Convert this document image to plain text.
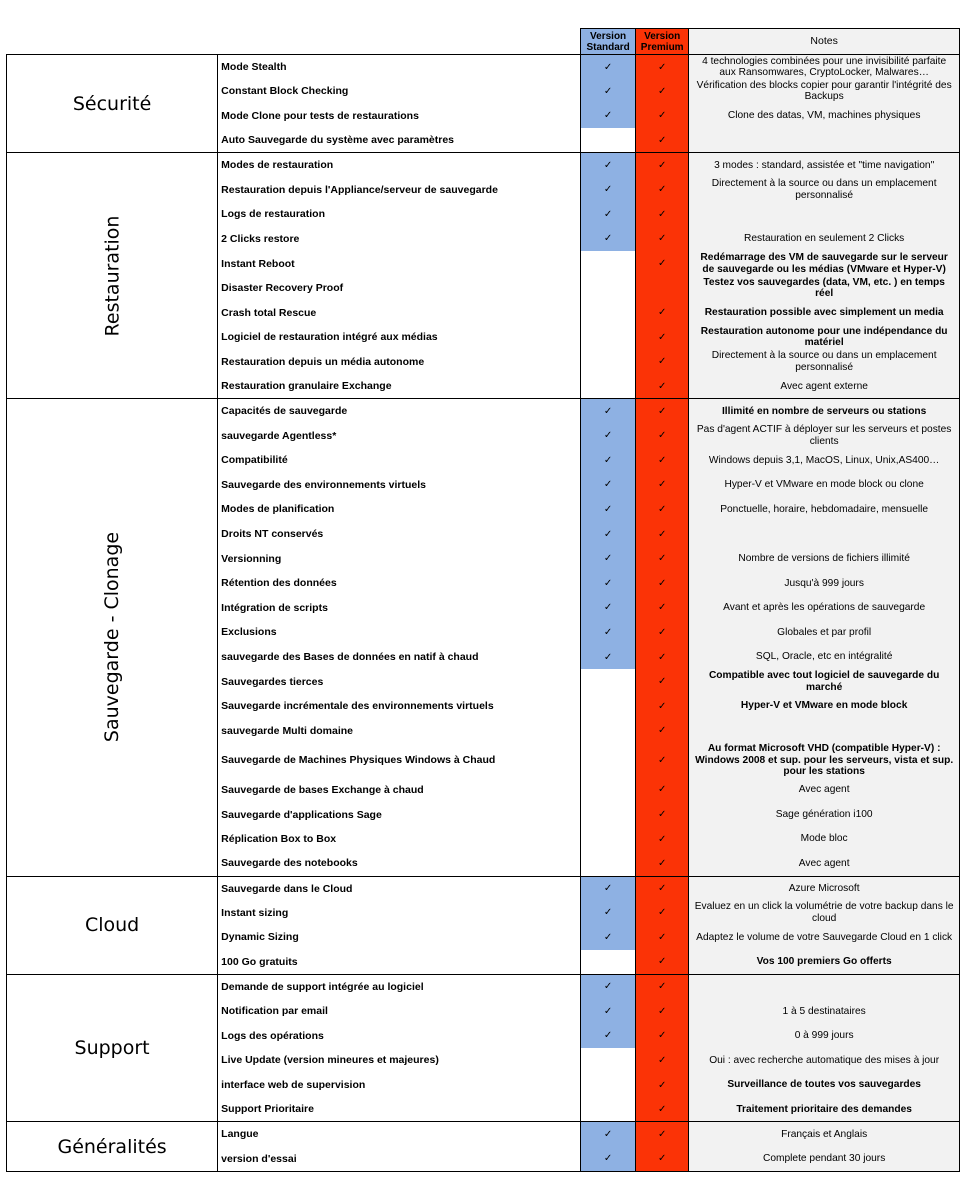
		Version Standard	Version Premium	Notes
Sécurité	Mode Stealth	✓	✓	4 technologies combinées pour une invisibilité parfaite aux Ransomwares, CryptoLocker, Malwares…
	Constant Block Checking	✓	✓	Vérification des blocks copier pour garantir l'intégrité des Backups
	Mode Clone pour tests de restaurations	✓	✓	Clone des datas, VM, machines physiques
	Auto Sauvegarde du système avec paramètres		✓	
Restauration	Modes de restauration	✓	✓	3 modes : standard, assistée et "time navigation"
	Restauration depuis l'Appliance/serveur de sauvegarde	✓	✓	Directement à la source ou dans un emplacement personnalisé
	Logs de restauration	✓	✓	
	2 Clicks restore	✓	✓	Restauration en seulement 2 Clicks
	Instant Reboot		✓	Redémarrage des VM de sauvegarde sur le serveur de sauvegarde ou les médias (VMware et Hyper-V)
	Disaster Recovery Proof			Testez vos sauvegardes (data, VM, etc. ) en temps réel
	Crash total Rescue		✓	Restauration possible avec simplement un media
	Logiciel de restauration intégré aux médias		✓	Restauration autonome pour une indépendance du matériel
	Restauration depuis un média autonome		✓	Directement à la source ou dans un emplacement personnalisé
	Restauration granulaire Exchange		✓	Avec agent externe
Sauvegarde - Clonage	Capacités de sauvegarde	✓	✓	Illimité en nombre de serveurs ou stations
	sauvegarde Agentless*	✓	✓	Pas d'agent ACTIF à déployer sur les serveurs et postes clients
	Compatibilité	✓	✓	Windows depuis 3,1, MacOS, Linux, Unix,AS400…
	Sauvegarde des environnements virtuels	✓	✓	Hyper-V et VMware en mode block ou clone
	Modes de planification	✓	✓	Ponctuelle, horaire, hebdomadaire, mensuelle
	Droits NT conservés	✓	✓	
	Versionning	✓	✓	Nombre de versions de fichiers illimité
	Rétention des données	✓	✓	Jusqu'à 999 jours
	Intégration de scripts	✓	✓	Avant et après les opérations de sauvegarde
	Exclusions	✓	✓	Globales et par profil
	sauvegarde des Bases de données en natif à chaud	✓	✓	SQL, Oracle, etc en intégralité
	Sauvegardes tierces		✓	Compatible avec tout logiciel de sauvegarde du marché
	Sauvegarde incrémentale des environnements virtuels		✓	Hyper-V et VMware en mode block
	sauvegarde Multi domaine		✓	
	Sauvegarde de Machines Physiques Windows à Chaud		✓	Au format Microsoft VHD (compatible Hyper-V) : Windows 2008 et sup. pour les serveurs, vista et sup. pour les stations
	Sauvegarde de bases Exchange à chaud		✓	Avec agent
	Sauvegarde d'applications Sage		✓	Sage génération i100
	Réplication Box to Box		✓	Mode bloc
	Sauvegarde des notebooks		✓	Avec agent
Cloud	Sauvegarde dans le Cloud	✓	✓	Azure Microsoft
	Instant sizing	✓	✓	Evaluez en un click la volumétrie de votre backup dans le cloud
	Dynamic Sizing	✓	✓	Adaptez le volume de votre Sauvegarde Cloud en 1 click
	100 Go gratuits		✓	Vos 100 premiers Go offerts
Support	Demande de support intégrée au logiciel	✓	✓	
	Notification par email	✓	✓	1 à 5 destinataires
	Logs des opérations	✓	✓	0 à 999 jours
	Live Update (version mineures et majeures)		✓	Oui : avec recherche automatique des mises à jour
	interface web de supervision		✓	Surveillance de toutes vos sauvegardes
	Support Prioritaire		✓	Traitement prioritaire des demandes
Généralités	Langue	✓	✓	Français et Anglais
	version d'essai	✓	✓	Complete pendant 30 jours
